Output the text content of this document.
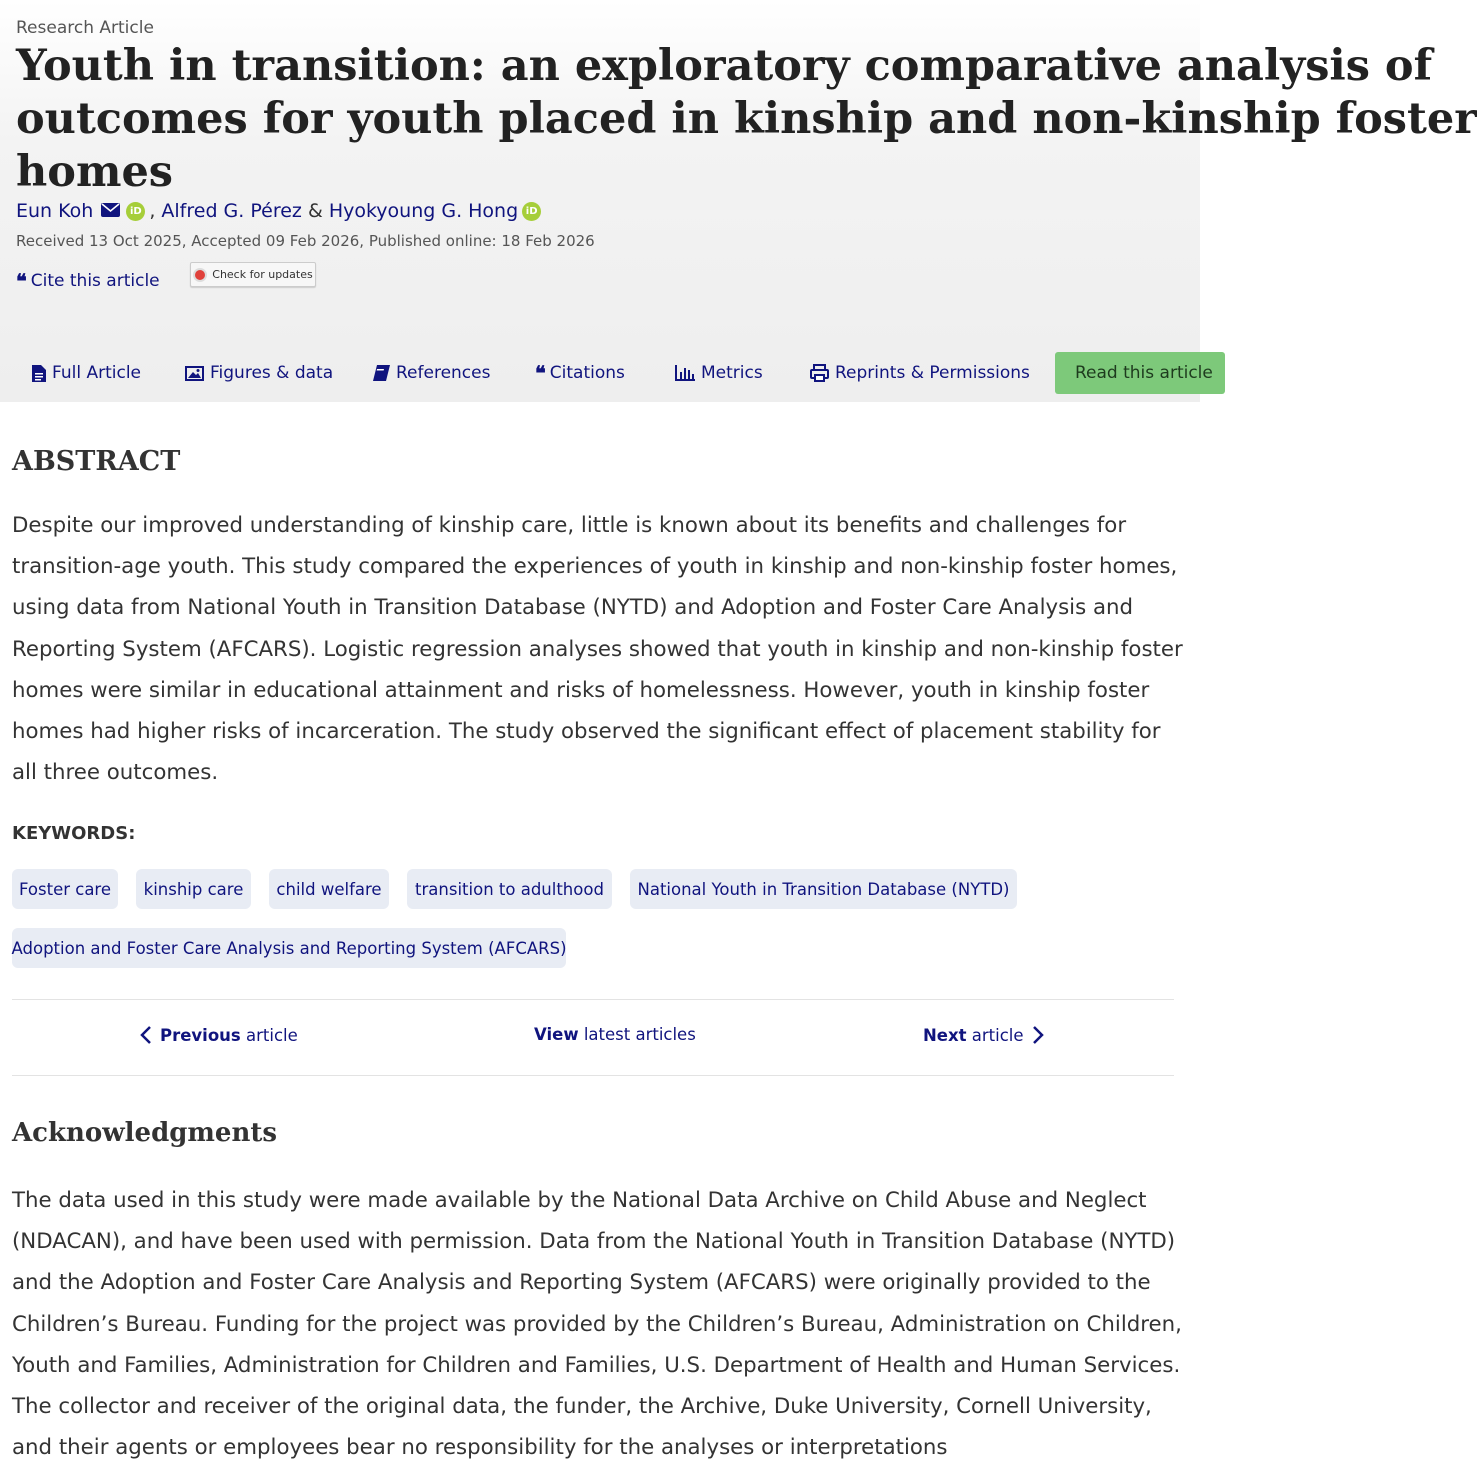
Research Article
Youth in transition: an exploratory comparative analysis of
outcomes for youth placed in kinship and non-kinship foster
homes
Eun Koh	iD ,
Alfred G. Pérez
&
Hyokyoung G. Hong iD
Received 13 Oct 2025, Accepted 09 Feb 2026, Published online: 18 Feb 2026
❝ Cite this article	Check for updates
Full Article	Figures & data	References ❝ Citations	Metrics	Reprints & Permissions	Read this article
ABSTRACT

Despite our improved understanding of kinship care, little is known about its benefits and challenges for transition-age youth. This study compared the experiences of youth in kinship and non-kinship foster homes, using data from National Youth in Transition Database (NYTD) and Adoption and Foster Care Analysis and Reporting System (AFCARS). Logistic regression analyses showed that youth in kinship and non-kinship foster homes were similar in educational attainment and risks of homelessness. However, youth in kinship foster homes had higher risks of incarceration. The study observed the significant effect of placement stability for all three outcomes.

KEYWORDS:
Foster care	kinship care	child welfare	transition to adulthood	National Youth in Transition Database (NYTD)
Adoption and Foster Care Analysis and Reporting System (AFCARS)
Previous article	View latest articles	Next article
Acknowledgments

The data used in this study were made available by the National Data Archive on Child Abuse and Neglect (NDACAN), and have been used with permission. Data from the National Youth in Transition Database (NYTD) and the Adoption and Foster Care Analysis and Reporting System (AFCARS) were originally provided to the Children’s Bureau. Funding for the project was provided by the Children’s Bureau, Administration on Children, Youth and Families, Administration for Children and Families, U.S. Department of Health and Human Services. The collector and receiver of the original data, the funder, the Archive, Duke University, Cornell University, and their agents or employees bear no responsibility for the analyses or interpretations
